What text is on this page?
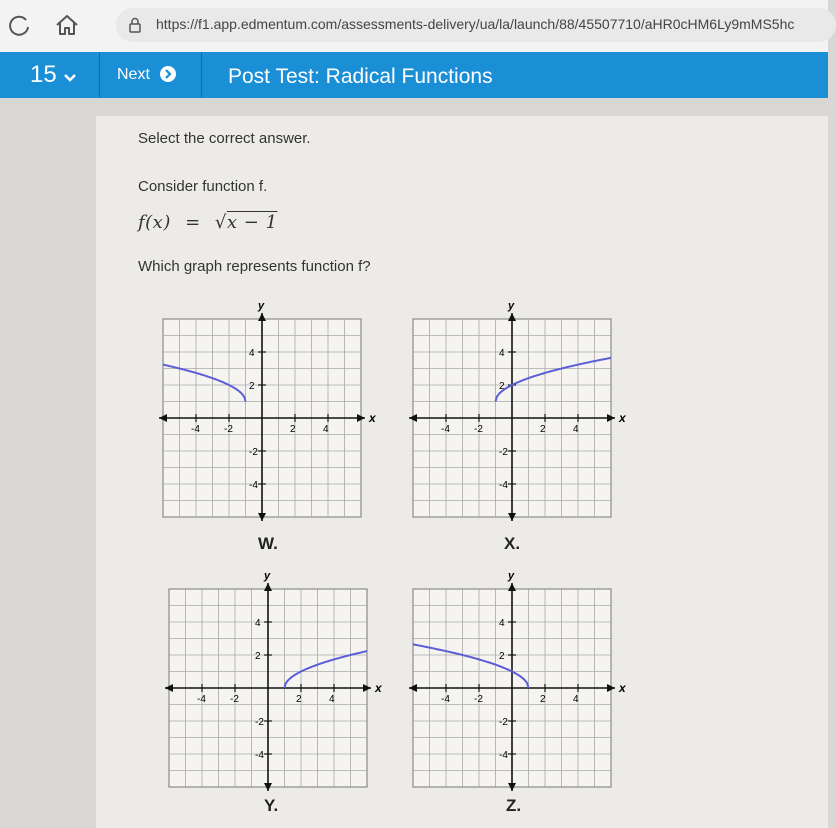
https://f1.app.edmentum.com/assessments-delivery/ua/la/launch/88/45507710/aHR0cHM6Ly9mMS5hc
15	Next	Post Test: Radical Functions
Select the correct answer.
Consider function f.
f(x) = √x − 1
Which graph represents function f?
y
x
-4 -2	2	4
4
2
-2
-4
W.
y
x
-4 -2	2	4
4
2
-2
-4
X.
y
x
-4 -2	2	4
4
2
-2
-4
Y.
y
x
-4 -2	2	4
4
2
-2
-4
Z.
